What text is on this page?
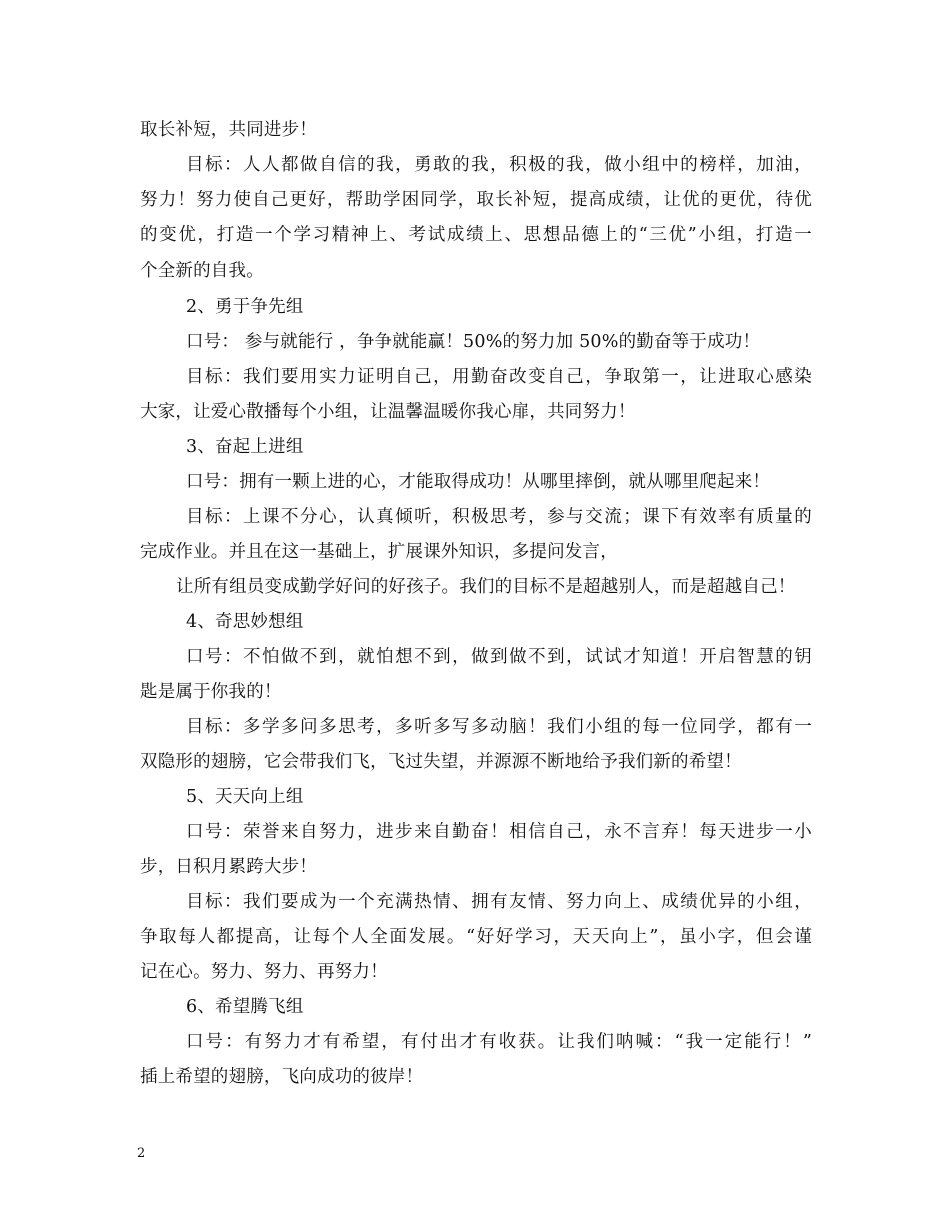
取长补短，共同进步！
目标：人人都做自信的我，勇敢的我，积极的我，做小组中的榜样，加油，
努力！努力使自己更好，帮助学困同学，取长补短，提高成绩，让优的更优，待优
的变优，打造一个学习精神上、考试成绩上、思想品德上的“三优”小组，打造一
个全新的自我。
2、勇于争先组
口号： 参与就能行 ，争争就能赢！50%的努力加 50%的勤奋等于成功！
目标：我们要用实力证明自己，用勤奋改变自己，争取第一，让进取心感染
大家，让爱心散播每个小组，让温馨温暖你我心扉，共同努力！
3、奋起上进组
口号：拥有一颗上进的心，才能取得成功！从哪里摔倒，就从哪里爬起来！
目标：上课不分心，认真倾听，积极思考，参与交流；课下有效率有质量的
完成作业。并且在这一基础上，扩展课外知识，多提问发言，
让所有组员变成勤学好问的好孩子。我们的目标不是超越别人，而是超越自己！
4、奇思妙想组
口号：不怕做不到，就怕想不到，做到做不到，试试才知道！开启智慧的钥
匙是属于你我的！
目标：多学多问多思考，多听多写多动脑！我们小组的每一位同学，都有一
双隐形的翅膀，它会带我们飞，飞过失望，并源源不断地给予我们新的希望！
5、天天向上组
口号：荣誉来自努力，进步来自勤奋！相信自己，永不言弃！每天进步一小
步，日积月累跨大步！
目标：我们要成为一个充满热情、拥有友情、努力向上、成绩优异的小组，
争取每人都提高，让每个人全面发展。“好好学习，天天向上”，虽小字，但会谨
记在心。努力、努力、再努力！
6、希望腾飞组
口号：有努力才有希望，有付出才有收获。让我们呐喊：“我一定能行！”
插上希望的翅膀，飞向成功的彼岸！
2
